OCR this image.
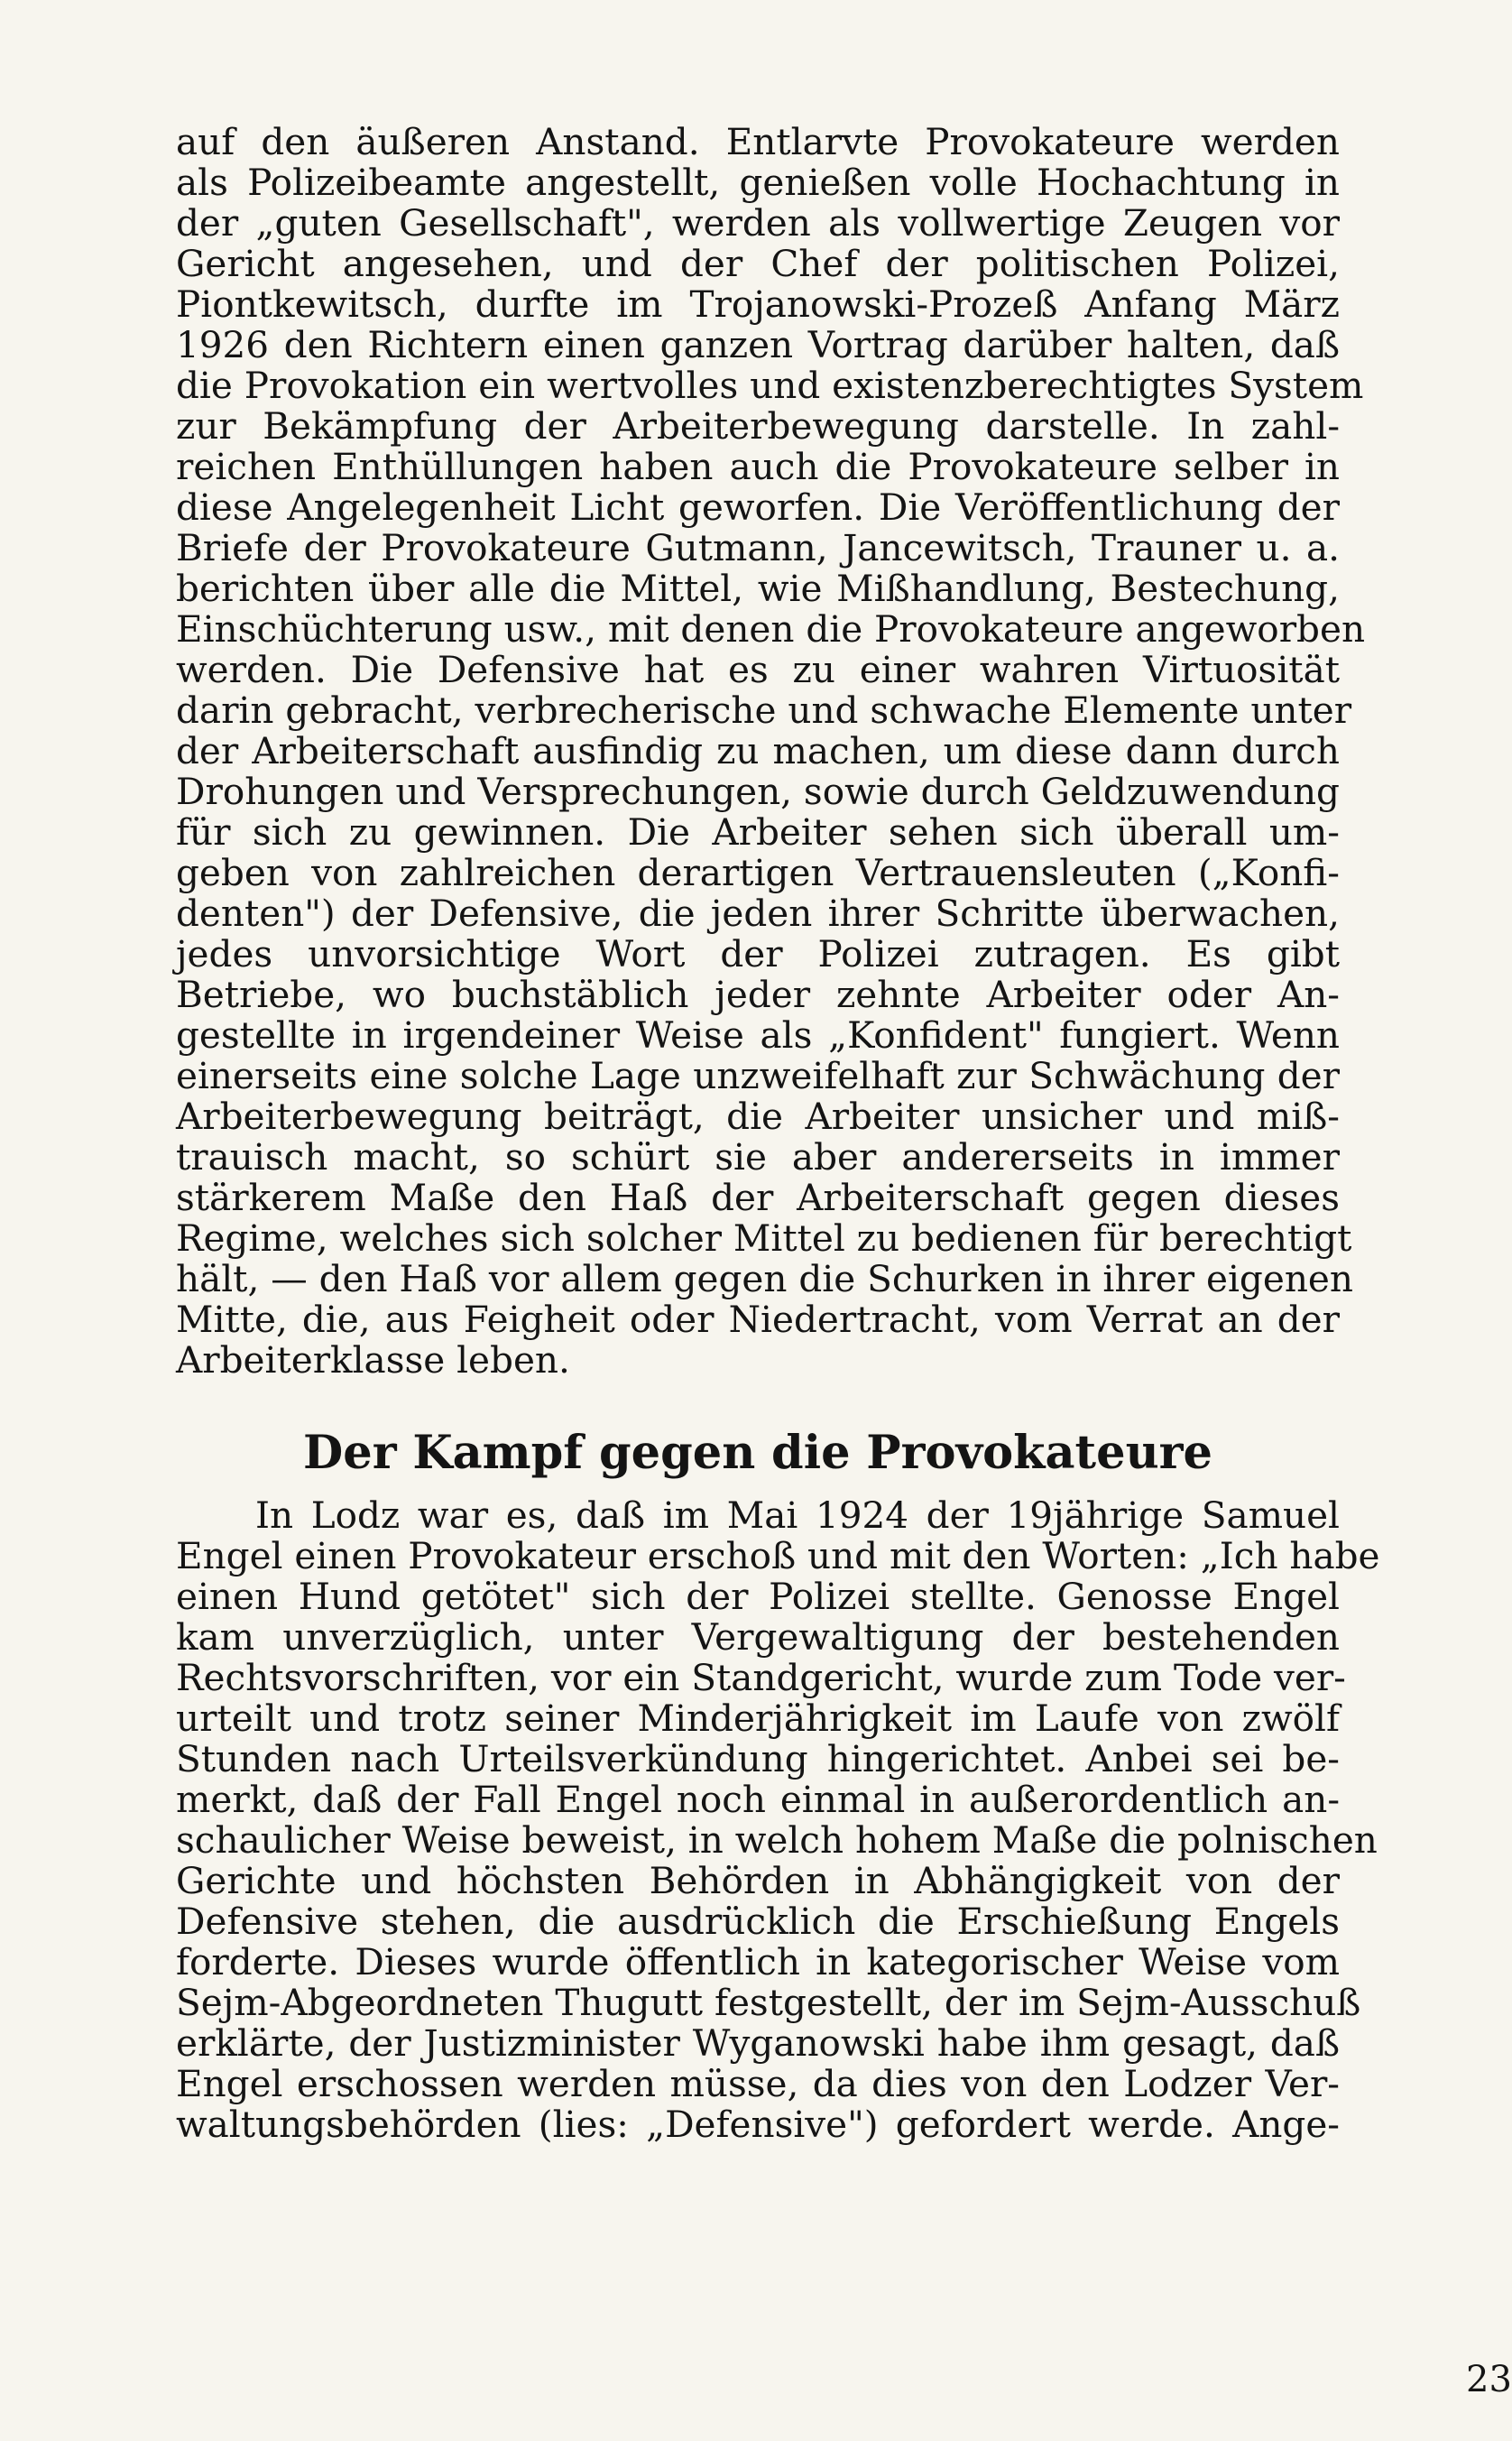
auf den äußeren Anstand. Entlarvte Provokateure werden
als Polizeibeamte angestellt, genießen volle Hochachtung in
der „guten Gesellschaft", werden als vollwertige Zeugen vor
Gericht angesehen, und der Chef der politischen Polizei,
Piontkewitsch, durfte im Trojanowski-Prozeß Anfang März
1926 den Richtern einen ganzen Vortrag darüber halten, daß
die Provokation ein wertvolles und existenzberechtigtes System
zur Bekämpfung der Arbeiterbewegung darstelle. In zahl-
reichen Enthüllungen haben auch die Provokateure selber in
diese Angelegenheit Licht geworfen. Die Veröffentlichung der
Briefe der Provokateure Gutmann, Jancewitsch, Trauner u. a.
berichten über alle die Mittel, wie Mißhandlung, Bestechung,
Einschüchterung usw., mit denen die Provokateure angeworben
werden. Die Defensive hat es zu einer wahren Virtuosität
darin gebracht, verbrecherische und schwache Elemente unter
der Arbeiterschaft ausfindig zu machen, um diese dann durch
Drohungen und Versprechungen, sowie durch Geldzuwendung
für sich zu gewinnen. Die Arbeiter sehen sich überall um-
geben von zahlreichen derartigen Vertrauensleuten („Konfi-
denten") der Defensive, die jeden ihrer Schritte überwachen,
jedes unvorsichtige Wort der Polizei zutragen. Es gibt
Betriebe, wo buchstäblich jeder zehnte Arbeiter oder An-
gestellte in irgendeiner Weise als „Konfident" fungiert. Wenn
einerseits eine solche Lage unzweifelhaft zur Schwächung der
Arbeiterbewegung beiträgt, die Arbeiter unsicher und miß-
trauisch macht, so schürt sie aber andererseits in immer
stärkerem Maße den Haß der Arbeiterschaft gegen dieses
Regime, welches sich solcher Mittel zu bedienen für berechtigt
hält, — den Haß vor allem gegen die Schurken in ihrer eigenen
Mitte, die, aus Feigheit oder Niedertracht, vom Verrat an der
Arbeiterklasse leben.
Der Kampf gegen die Provokateure
In Lodz war es, daß im Mai 1924 der 19jährige Samuel
Engel einen Provokateur erschoß und mit den Worten: „Ich habe
einen Hund getötet" sich der Polizei stellte. Genosse Engel
kam unverzüglich, unter Vergewaltigung der bestehenden
Rechtsvorschriften, vor ein Standgericht, wurde zum Tode ver-
urteilt und trotz seiner Minderjährigkeit im Laufe von zwölf
Stunden nach Urteilsverkündung hingerichtet. Anbei sei be-
merkt, daß der Fall Engel noch einmal in außerordentlich an-
schaulicher Weise beweist, in welch hohem Maße die polnischen
Gerichte und höchsten Behörden in Abhängigkeit von der
Defensive stehen, die ausdrücklich die Erschießung Engels
forderte. Dieses wurde öffentlich in kategorischer Weise vom
Sejm-Abgeordneten Thugutt festgestellt, der im Sejm-Ausschuß
erklärte, der Justizminister Wyganowski habe ihm gesagt, daß
Engel erschossen werden müsse, da dies von den Lodzer Ver-
waltungsbehörden (lies: „Defensive") gefordert werde. Ange-
23
